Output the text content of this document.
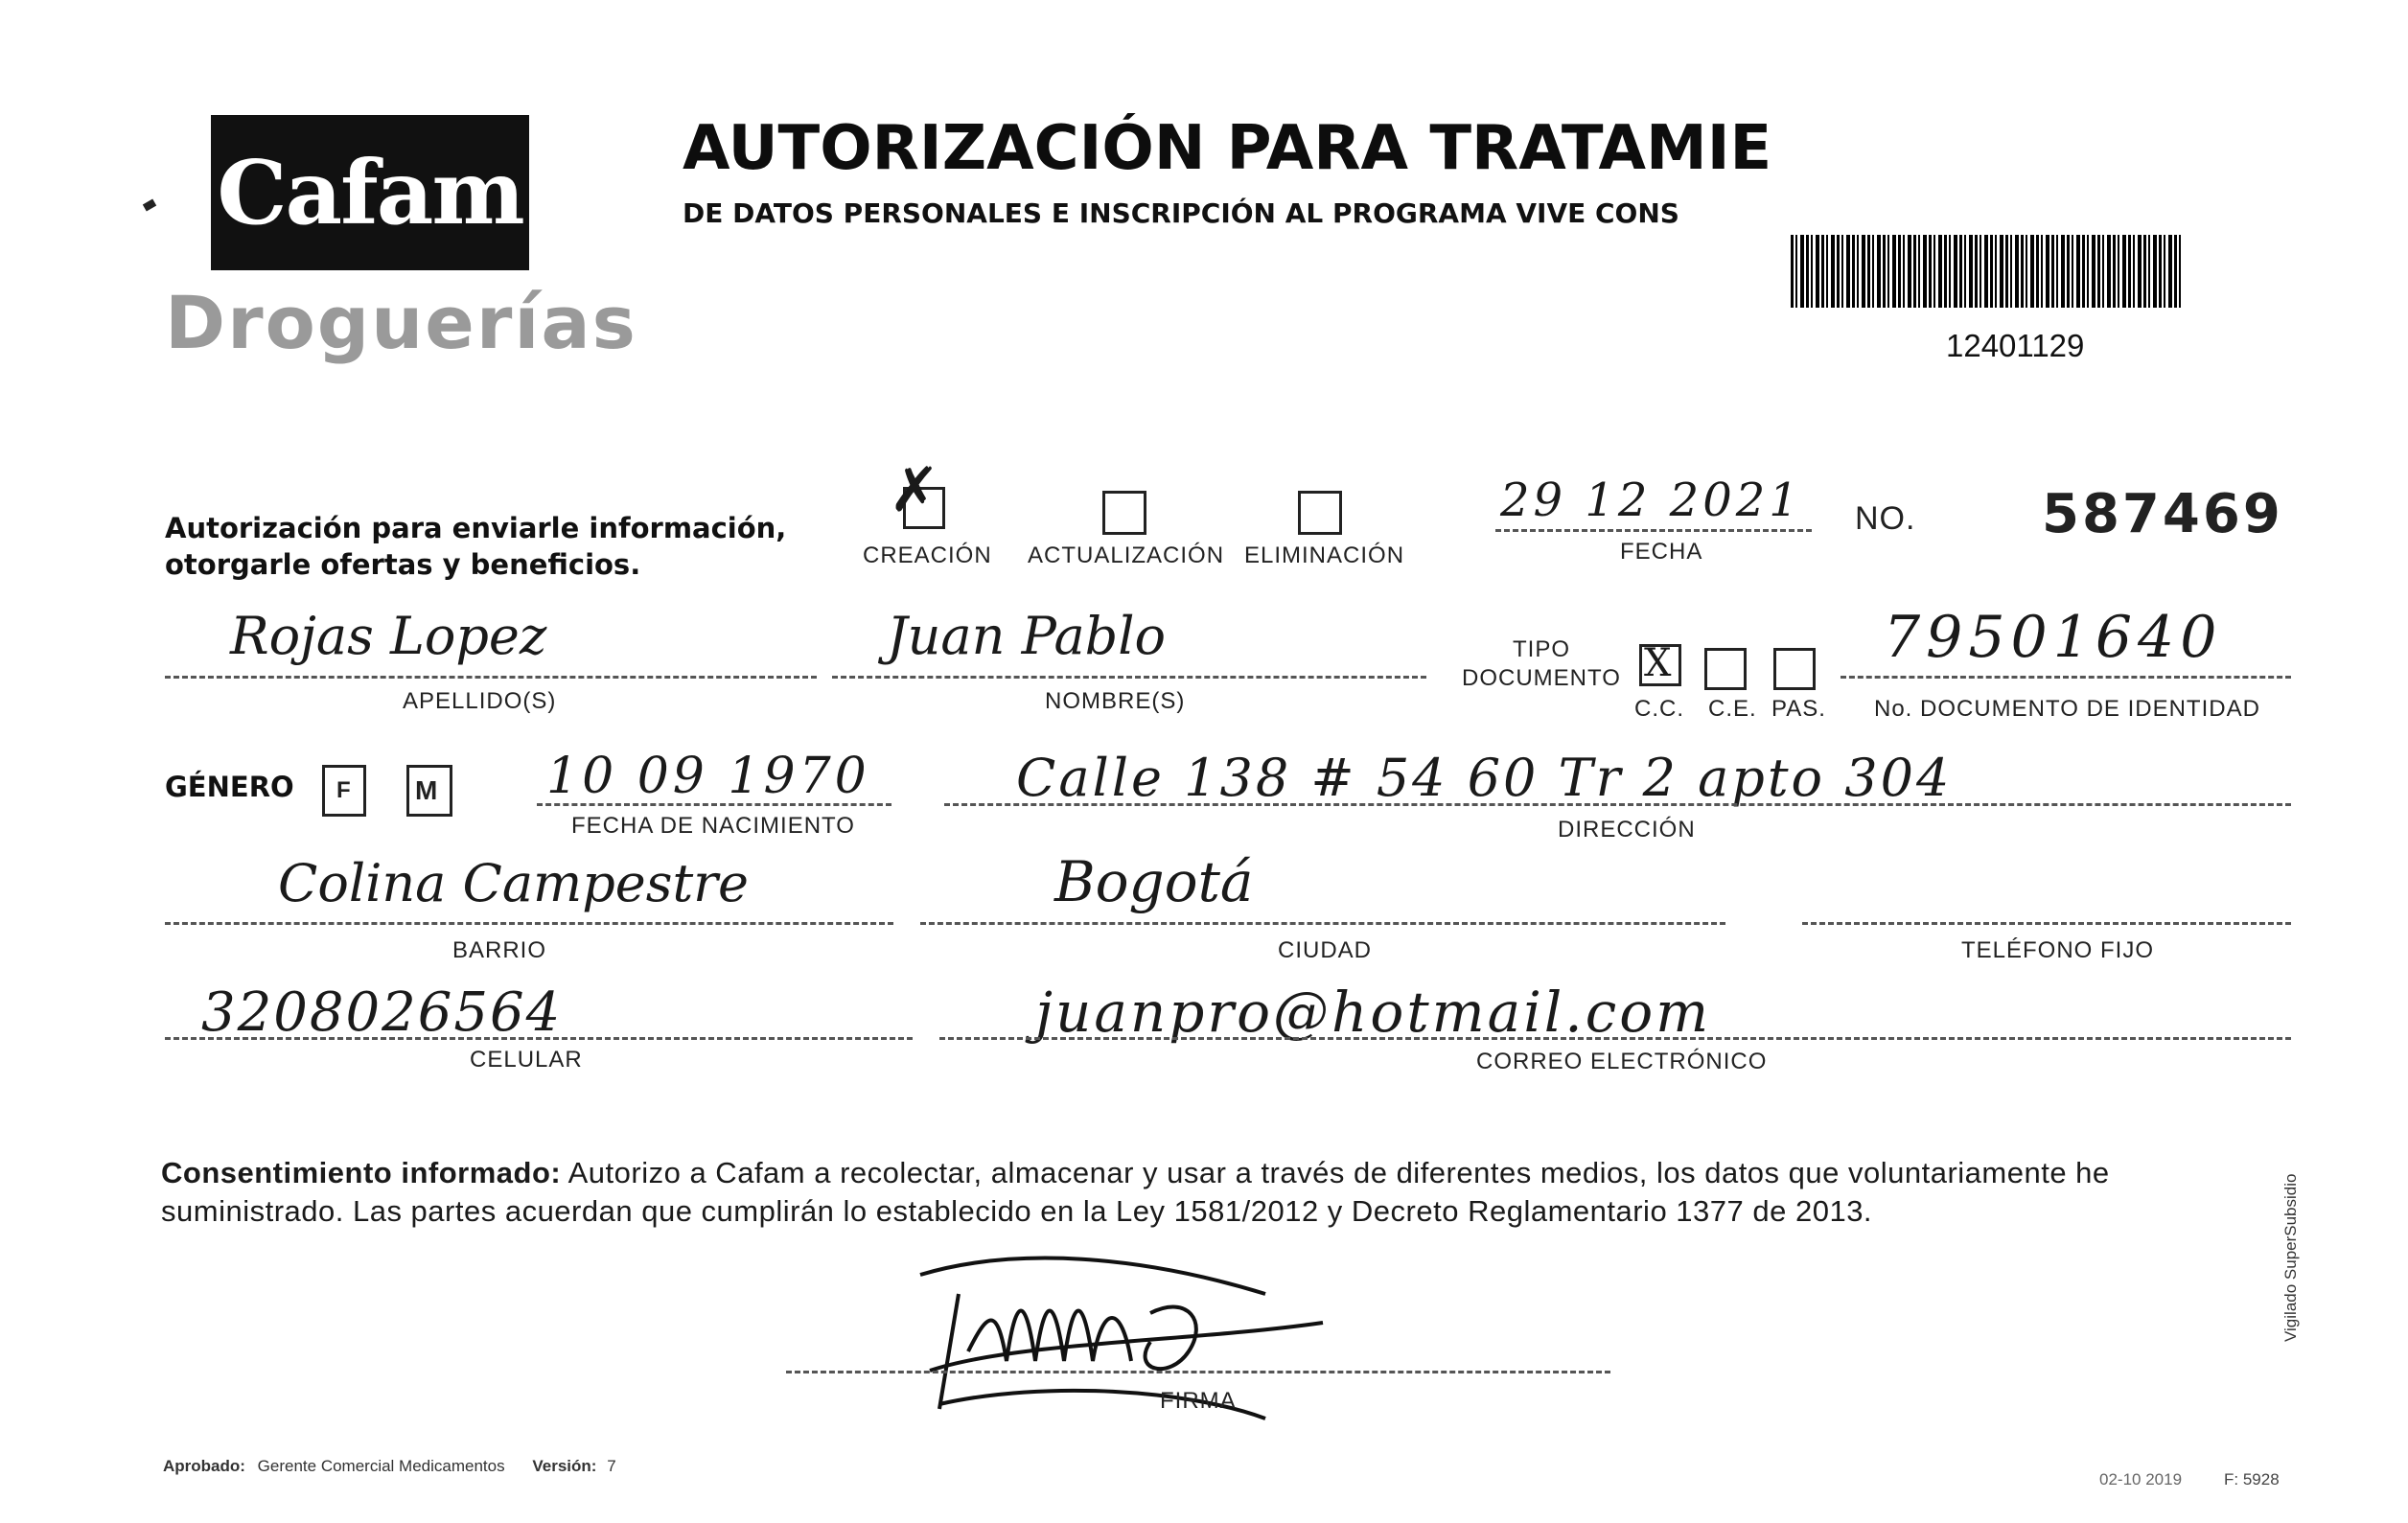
Cafam
Droguerías
AUTORIZACIÓN PARA TRATAMIE
DE DATOS PERSONALES E INSCRIPCIÓN AL PROGRAMA VIVE CONS
12401129
Autorización para enviarle información,
otorgarle ofertas y beneficios.
✗
CREACIÓN ACTUALIZACIÓN ELIMINACIÓN
29 12 2021
FECHA
NO. 587469
Rojas Lopez
APELLIDO(S)
Juan Pablo
NOMBRE(S)
TIPO
DOCUMENTO X
C.C. C.E. PAS.
79501640
No. DOCUMENTO DE IDENTIDAD
GÉNERO F M 10 09 1970
FECHA DE NACIMIENTO
Calle 138 # 54 60 Tr 2 apto 304
DIRECCIÓN
Colina Campestre
BARRIO
Bogotá
CIUDAD	TELÉFONO FIJO
3208026564
CELULAR
juanpro@hotmail.com
CORREO ELECTRÓNICO
Consentimiento informado: Autorizo a Cafam a recolectar, almacenar y usar a través de diferentes medios, los datos que voluntariamente he
suministrado. Las partes acuerdan que cumplirán lo establecido en la Ley 1581/2012 y Decreto Reglamentario 1377 de 2013.
FIRMA
Aprobado: Gerente Comercial Medicamentos Versión: 7
02-10 2019	F: 5928
Vigilado SuperSubsidio
